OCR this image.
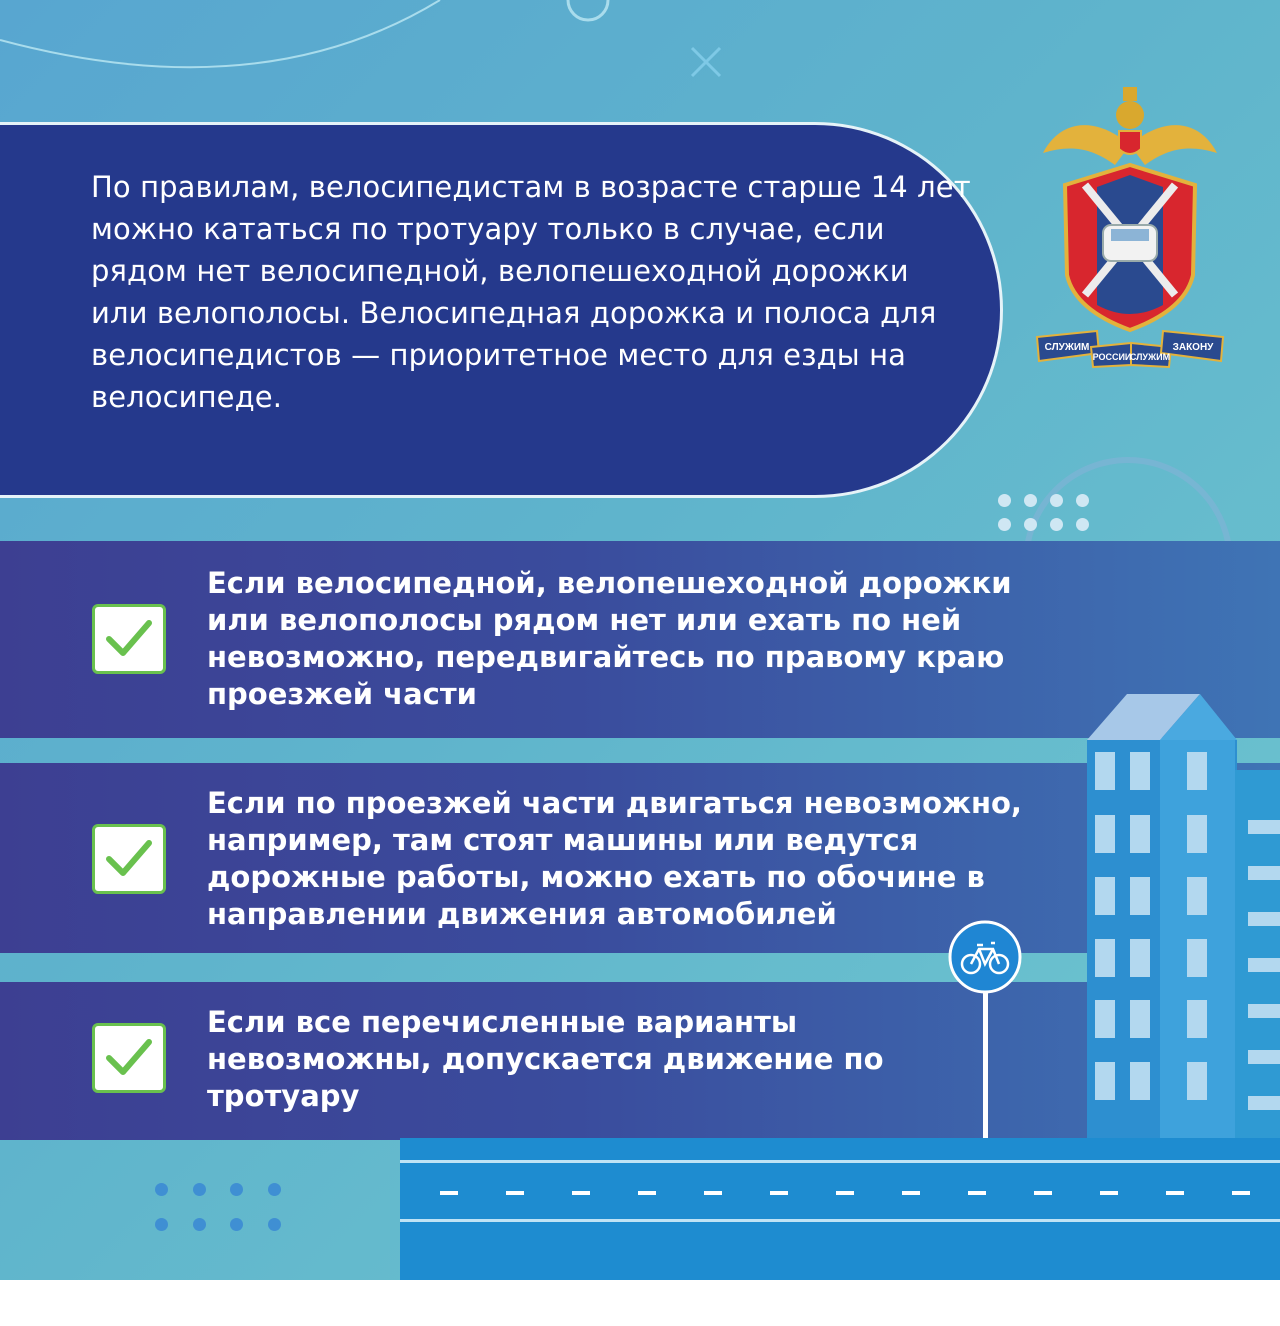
По правилам, велосипедистам в возрасте старше 14 лет можно кататься по тротуару только в случае, если рядом нет велосипедной, велопешеходной дорожки или велополосы. Велосипедная дорожка и полоса для велосипедистов — приоритетное место для езды на велосипеде.
СЛУЖИМ
РОССИИ
СЛУЖИМ
ЗАКОНУ
Если велосипедной, велопешеходной дорожки или велополосы рядом нет или ехать по ней невозможно, передвигайтесь по правому краю проезжей части
Если по проезжей части двигаться невозможно, например, там стоят машины или ведутся дорожные работы, можно ехать по обочине в направлении движения автомобилей
Если все перечисленные варианты невозможны, допускается движение по тротуару
